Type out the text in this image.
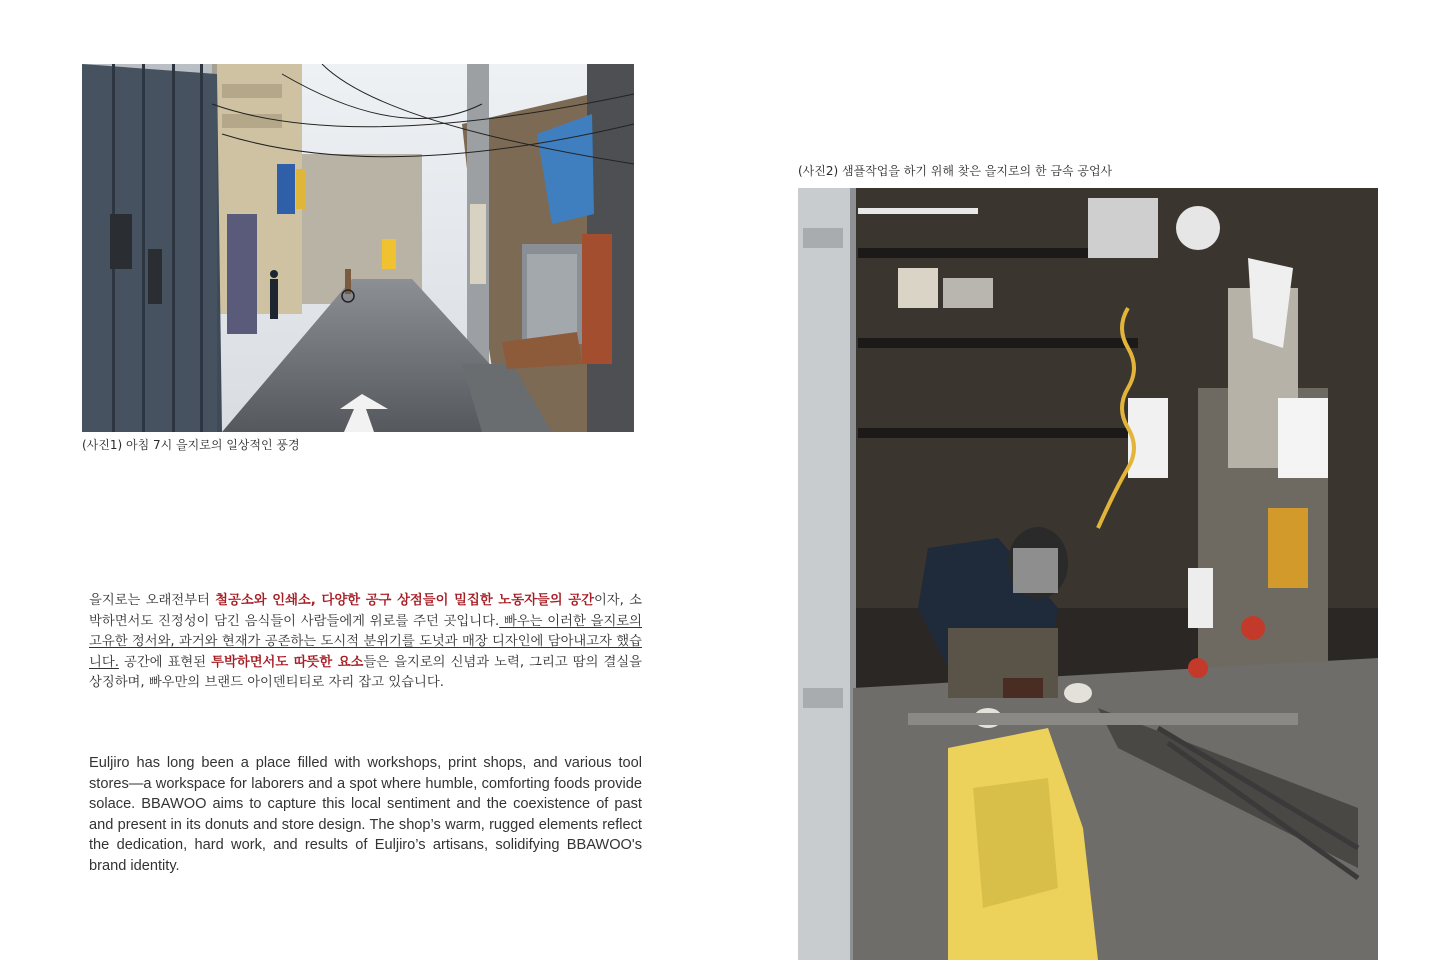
(사진1) 아침 7시 을지로의 일상적인 풍경
을지로는 오래전부터 철공소와 인쇄소, 다양한 공구 상점들이 밀집한 노동자들의 공간이자, 소박하면서도 진정성이 담긴 음식들이 사람들에게 위로를 주던 곳입니다. 빠우는 이러한 을지로의 고유한 정서와, 과거와 현재가 공존하는 도시적 분위기를 도넛과 매장 디자인에 담아내고자 했습니다. 공간에 표현된 투박하면서도 따뜻한 요소들은 을지로의 신념과 노력, 그리고 땀의 결실을 상징하며, 빠우만의 브랜드 아이덴티티로 자리 잡고 있습니다.
Euljiro has long been a place filled with workshops, print shops, and various tool stores—a workspace for laborers and a spot where humble, comforting foods provide solace. BBAWOO aims to capture this local sentiment and the coexistence of past and present in its donuts and store design. The shop’s warm, rugged elements reflect the dedication, hard work, and results of Euljiro’s artisans, solidifying BBAWOO's brand identity.
(사진2) 샘플작업을 하기 위해 찾은 을지로의 한 금속 공업사
